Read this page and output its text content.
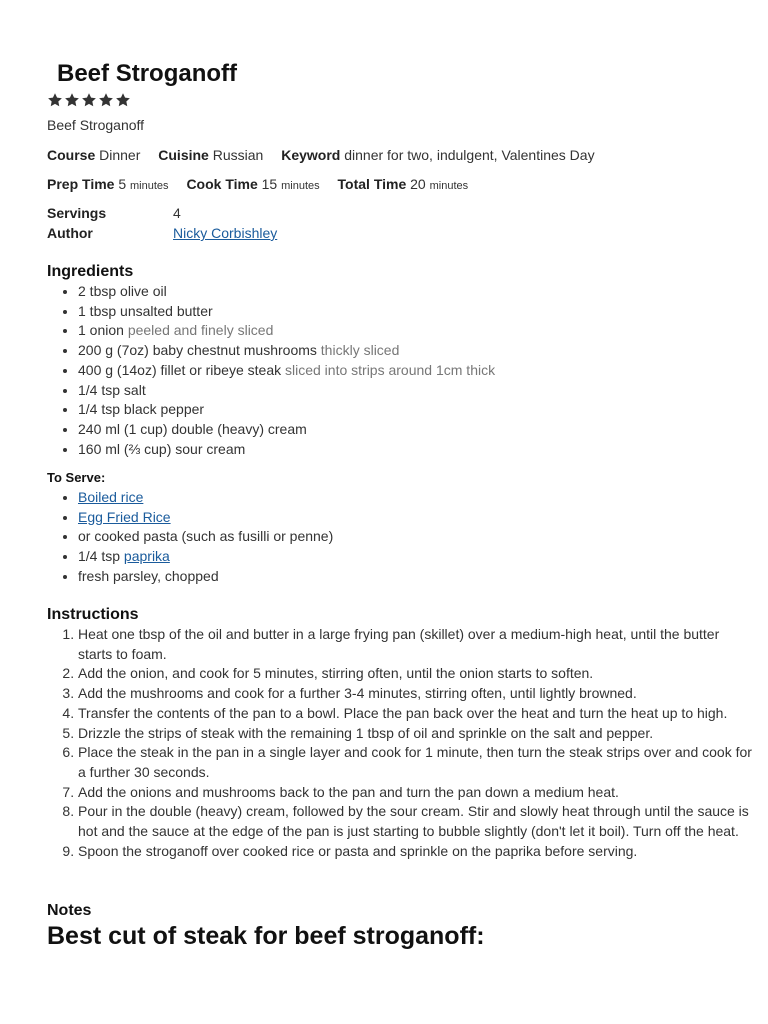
Beef Stroganoff
Beef Stroganoff
Course Dinner Cuisine Russian Keyword dinner for two, indulgent, Valentines Day
Prep Time 5 minutes Cook Time 15 minutes Total Time 20 minutes
Servings	4
Author	Nicky Corbishley
Ingredients
• 2 tbsp olive oil
• 1 tbsp unsalted butter
• 1 onion peeled and finely sliced
• 200 g (7oz) baby chestnut mushrooms thickly sliced
• 400 g (14oz) fillet or ribeye steak sliced into strips around 1cm thick
• 1/4 tsp salt
• 1/4 tsp black pepper
• 240 ml (1 cup) double (heavy) cream
• 160 ml (⅔ cup) sour cream
To Serve:
• Boiled rice
• Egg Fried Rice
• or cooked pasta (such as fusilli or penne)
• 1/4 tsp paprika
• fresh parsley, chopped
Instructions
1. Heat one tbsp of the oil and butter in a large frying pan (skillet) over a medium-high heat, until the butter starts to foam.
2. Add the onion, and cook for 5 minutes, stirring often, until the onion starts to soften.
3. Add the mushrooms and cook for a further 3-4 minutes, stirring often, until lightly browned.
4. Transfer the contents of the pan to a bowl. Place the pan back over the heat and turn the heat up to high.
5. Drizzle the strips of steak with the remaining 1 tbsp of oil and sprinkle on the salt and pepper.
6. Place the steak in the pan in a single layer and cook for 1 minute, then turn the steak strips over and cook for a further 30 seconds.
7. Add the onions and mushrooms back to the pan and turn the pan down a medium heat.
8. Pour in the double (heavy) cream, followed by the sour cream. Stir and slowly heat through until the sauce is hot and the sauce at the edge of the pan is just starting to bubble slightly (don't let it boil). Turn off the heat.
9. Spoon the stroganoff over cooked rice or pasta and sprinkle on the paprika before serving.
Notes
Best cut of steak for beef stroganoff:
